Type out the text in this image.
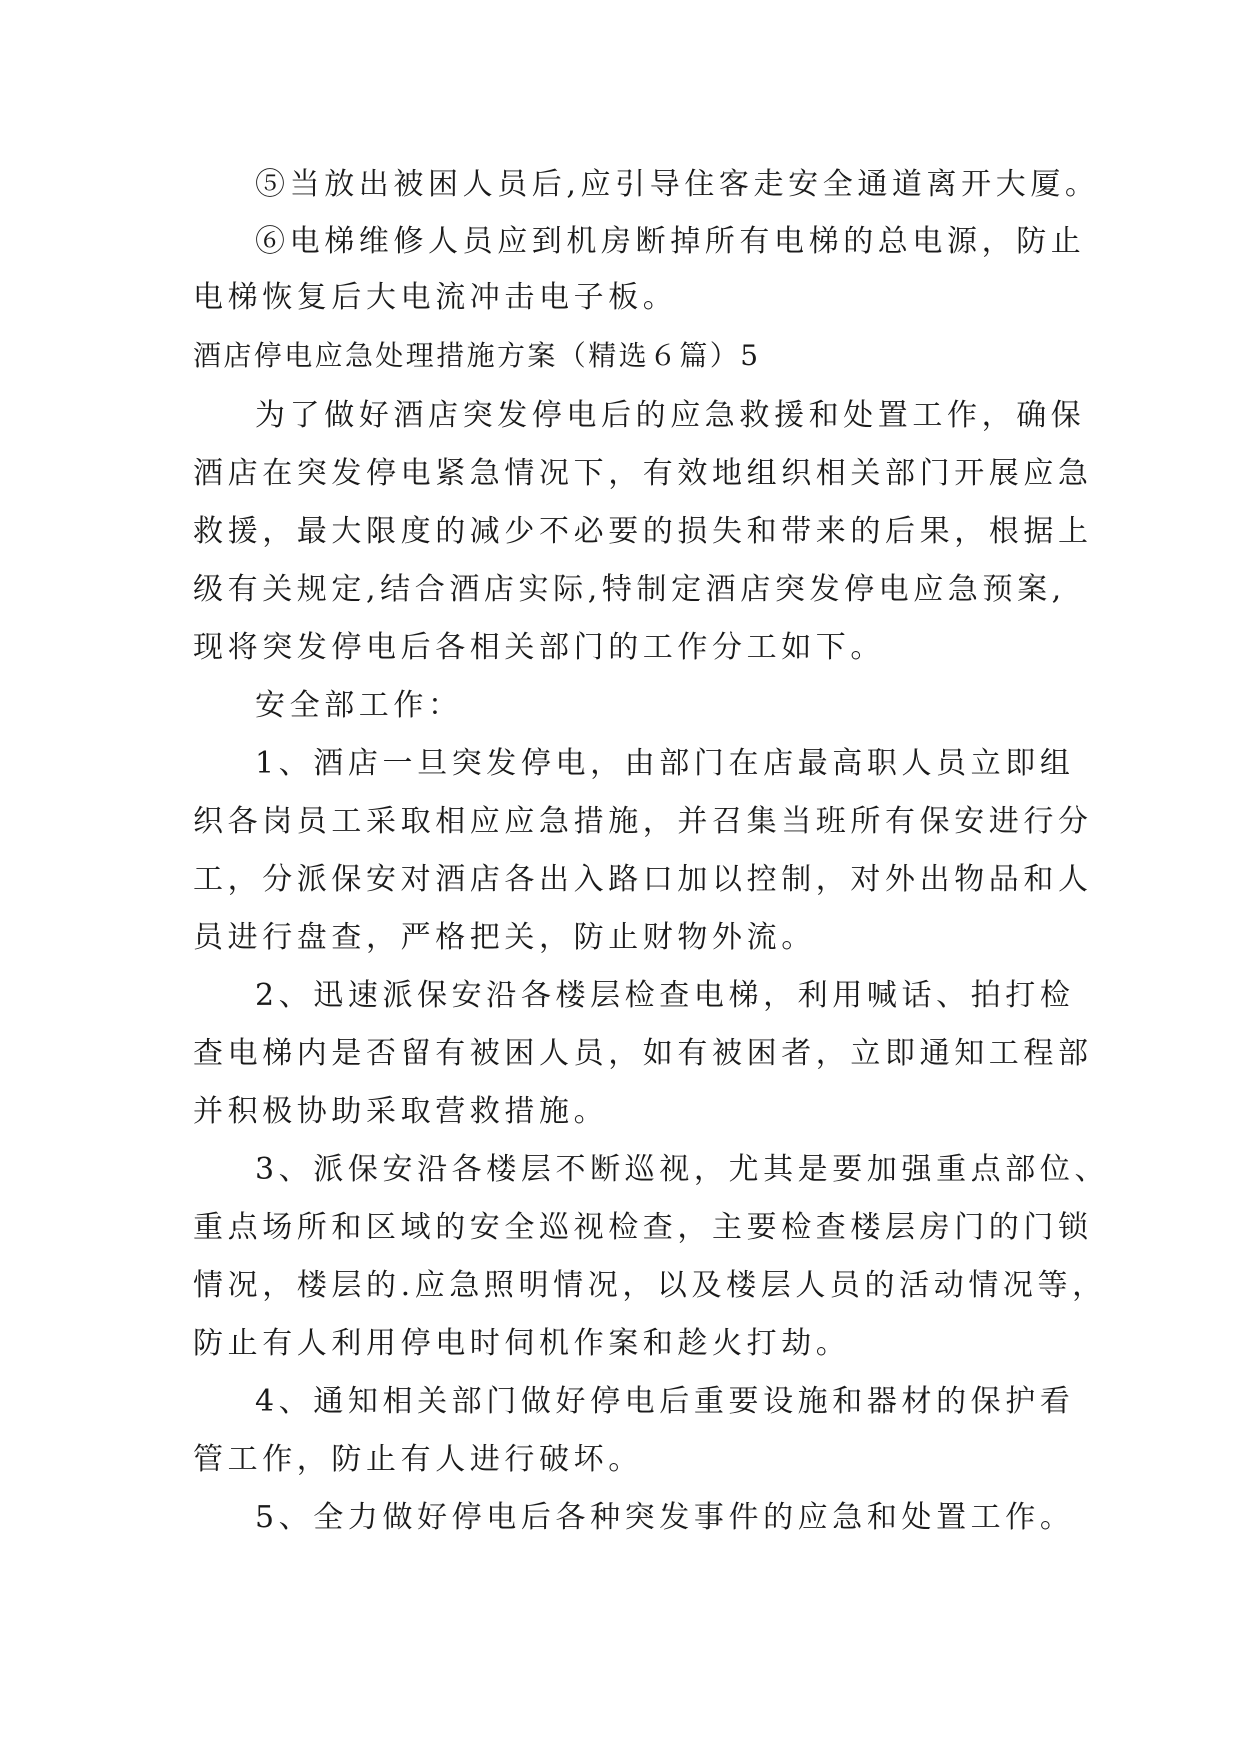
⑤当放出被困人员后,应引导住客走安全通道离开大厦。
⑥电梯维修人员应到机房断掉所有电梯的总电源，防止
电梯恢复后大电流冲击电子板。
酒店停电应急处理措施方案（精选６篇）5
为了做好酒店突发停电后的应急救援和处置工作，确保
酒店在突发停电紧急情况下，有效地组织相关部门开展应急
救援，最大限度的减少不必要的损失和带来的后果，根据上
级有关规定,结合酒店实际,特制定酒店突发停电应急预案,
现将突发停电后各相关部门的工作分工如下。
安全部工作：
1、酒店一旦突发停电，由部门在店最高职人员立即组
织各岗员工采取相应应急措施，并召集当班所有保安进行分
工，分派保安对酒店各出入路口加以控制，对外出物品和人
员进行盘查，严格把关，防止财物外流。
2、迅速派保安沿各楼层检查电梯，利用喊话、拍打检
查电梯内是否留有被困人员，如有被困者，立即通知工程部
并积极协助采取营救措施。
3、派保安沿各楼层不断巡视，尤其是要加强重点部位、
重点场所和区域的安全巡视检查，主要检查楼层房门的门锁
情况，楼层的.应急照明情况，以及楼层人员的活动情况等，
防止有人利用停电时伺机作案和趁火打劫。
4、通知相关部门做好停电后重要设施和器材的保护看
管工作，防止有人进行破坏。
5、全力做好停电后各种突发事件的应急和处置工作。
